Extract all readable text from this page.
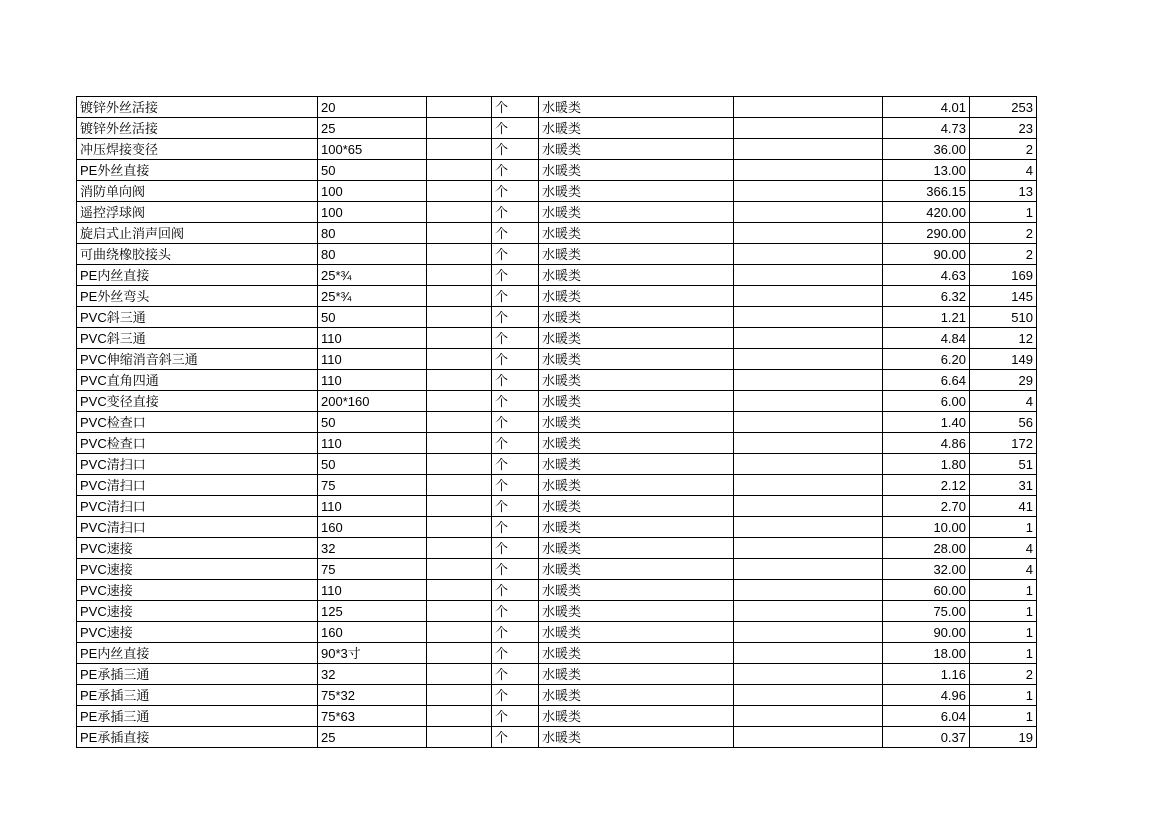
镀锌外丝活接	20		个	水暖类		4.01	253
镀锌外丝活接	25		个	水暖类		4.73	23
冲压焊接变径	100*65		个	水暖类		36.00	2
PE外丝直接	50		个	水暖类		13.00	4
消防单向阀	100		个	水暖类		366.15	13
遥控浮球阀	100		个	水暖类		420.00	1
旋启式止消声回阀	80		个	水暖类		290.00	2
可曲绕橡胶接头	80		个	水暖类		90.00	2
PE内丝直接	25*¾		个	水暖类		4.63	169
PE外丝弯头	25*¾		个	水暖类		6.32	145
PVC斜三通	50		个	水暖类		1.21	510
PVC斜三通	110		个	水暖类		4.84	12
PVC伸缩消音斜三通	110		个	水暖类		6.20	149
PVC直角四通	110		个	水暖类		6.64	29
PVC变径直接	200*160		个	水暖类		6.00	4
PVC检查口	50		个	水暖类		1.40	56
PVC检查口	110		个	水暖类		4.86	172
PVC清扫口	50		个	水暖类		1.80	51
PVC清扫口	75		个	水暖类		2.12	31
PVC清扫口	110		个	水暖类		2.70	41
PVC清扫口	160		个	水暖类		10.00	1
PVC速接	32		个	水暖类		28.00	4
PVC速接	75		个	水暖类		32.00	4
PVC速接	110		个	水暖类		60.00	1
PVC速接	125		个	水暖类		75.00	1
PVC速接	160		个	水暖类		90.00	1
PE内丝直接	90*3寸		个	水暖类		18.00	1
PE承插三通	32		个	水暖类		1.16	2
PE承插三通	75*32		个	水暖类		4.96	1
PE承插三通	75*63		个	水暖类		6.04	1
PE承插直接	25		个	水暖类		0.37	19
